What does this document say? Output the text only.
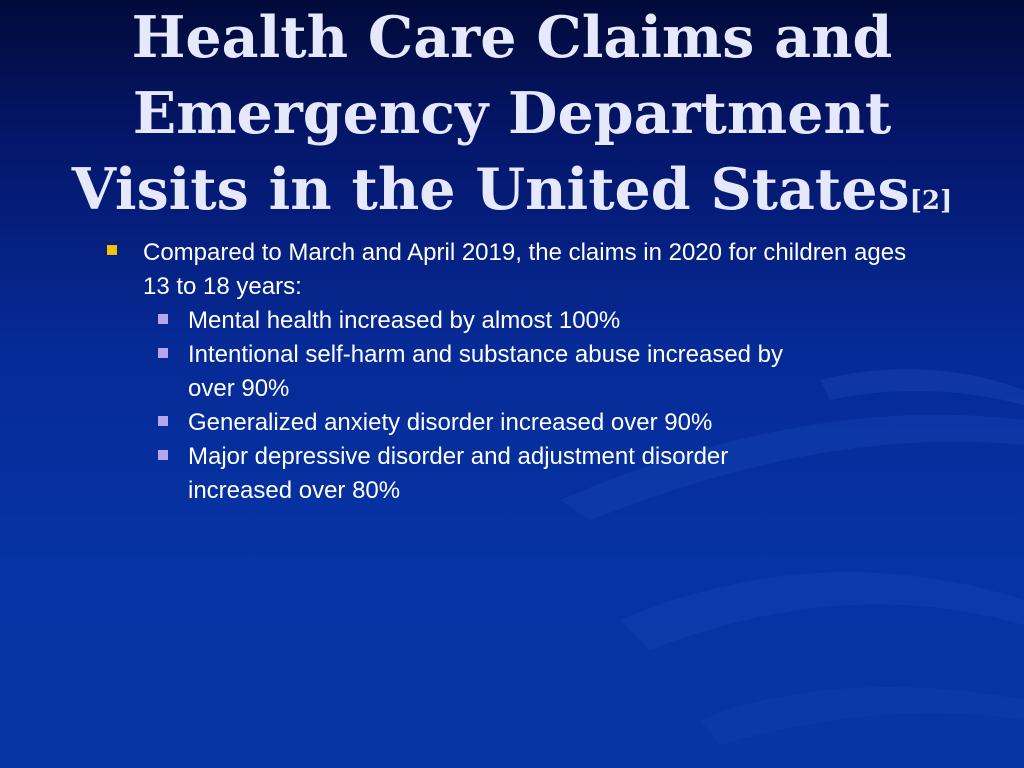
Health Care Claims and
Emergency Department
Visits in the United States[2]
Compared to March and April 2019, the claims in 2020 for children ages 13 to 18 years:
Mental health increased by almost 100%
Intentional self-harm and substance abuse increased by over 90%
Generalized anxiety disorder increased over 90%
Major depressive disorder and adjustment disorder increased over 80%
